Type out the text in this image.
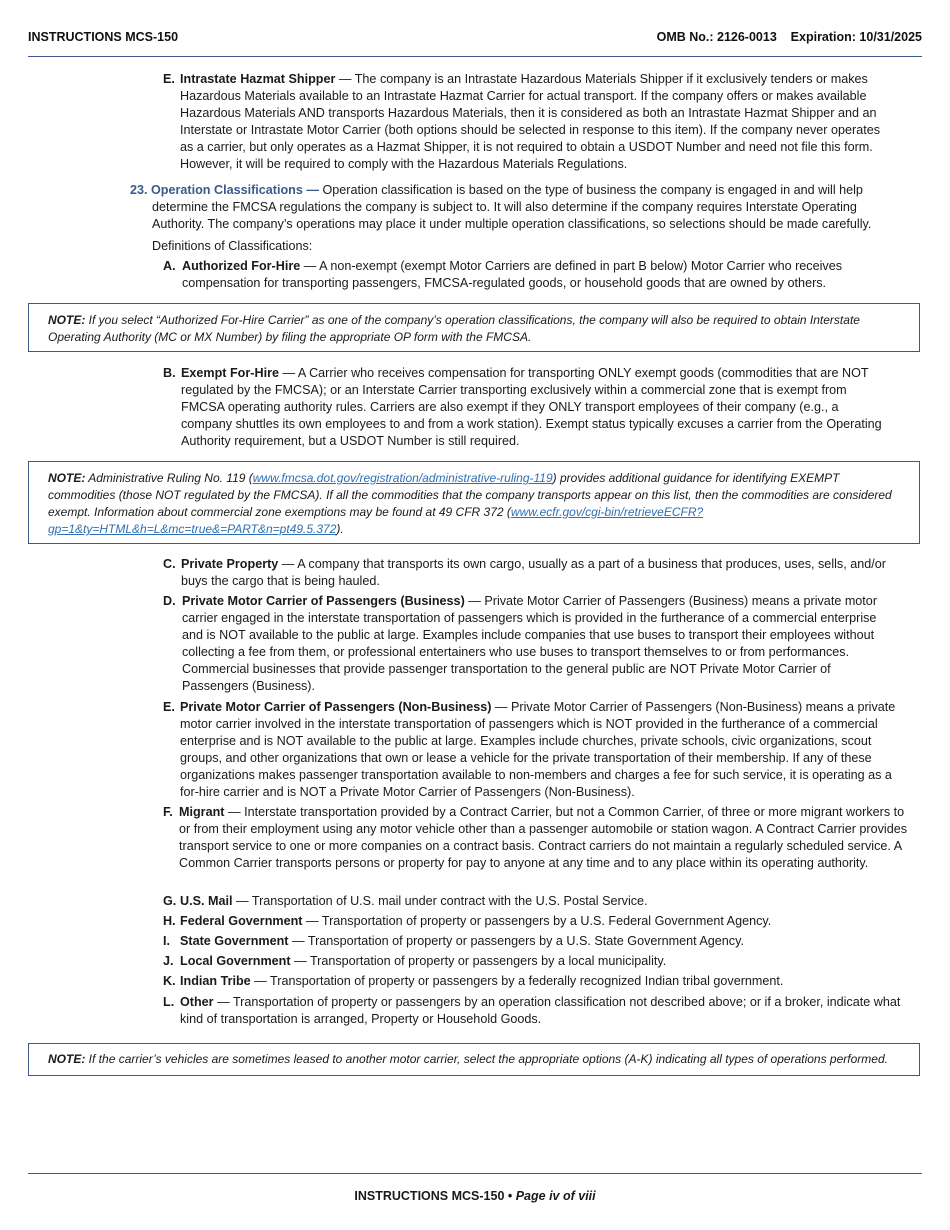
INSTRUCTIONS MCS-150	OMB No.: 2126-0013    Expiration: 10/31/2025
E. Intrastate Hazmat Shipper — The company is an Intrastate Hazardous Materials Shipper if it exclusively tenders or makes Hazardous Materials available to an Intrastate Hazmat Carrier for actual transport. If the company offers or makes available Hazardous Materials AND transports Hazardous Materials, then it is considered as both an Intrastate Hazmat Shipper and an Interstate or Intrastate Motor Carrier (both options should be selected in response to this item). If the company never operates as a carrier, but only operates as a Hazmat Shipper, it is not required to obtain a USDOT Number and need not file this form. However, it will be required to comply with the Hazardous Materials Regulations.
23. Operation Classifications — Operation classification is based on the type of business the company is engaged in and will help determine the FMCSA regulations the company is subject to. It will also determine if the company requires Interstate Operating Authority. The company’s operations may place it under multiple operation classifications, so selections should be made carefully.
Definitions of Classifications:
A. Authorized For-Hire — A non-exempt (exempt Motor Carriers are defined in part B below) Motor Carrier who receives compensation for transporting passengers, FMCSA-regulated goods, or household goods that are owned by others.
NOTE: If you select “Authorized For-Hire Carrier” as one of the company’s operation classifications, the company will also be required to obtain Interstate Operating Authority (MC or MX Number) by filing the appropriate OP form with the FMCSA.
B. Exempt For-Hire — A Carrier who receives compensation for transporting ONLY exempt goods (commodities that are NOT regulated by the FMCSA); or an Interstate Carrier transporting exclusively within a commercial zone that is exempt from FMCSA operating authority rules. Carriers are also exempt if they ONLY transport employees of their company (e.g., a company shuttles its own employees to and from a work station). Exempt status typically excuses a carrier from the Operating Authority requirement, but a USDOT Number is still required.
NOTE: Administrative Ruling No. 119 (www.fmcsa.dot.gov/registration/administrative-ruling-119) provides additional guidance for identifying EXEMPT commodities (those NOT regulated by the FMCSA). If all the commodities that the company transports appear on this list, then the commodities are considered exempt. Information about commercial zone exemptions may be found at 49 CFR 372 (www.ecfr.gov/cgi-bin/retrieveECFR?gp=1&ty=HTML&h=L&mc=true&=PART&n=pt49.5.372).
C. Private Property — A company that transports its own cargo, usually as a part of a business that produces, uses, sells, and/or buys the cargo that is being hauled.
D. Private Motor Carrier of Passengers (Business) — Private Motor Carrier of Passengers (Business) means a private motor carrier engaged in the interstate transportation of passengers which is provided in the furtherance of a commercial enterprise and is NOT available to the public at large. Examples include companies that use buses to transport their employees without collecting a fee from them, or professional entertainers who use buses to transport themselves to or from performances. Commercial businesses that provide passenger transportation to the general public are NOT Private Motor Carrier of Passengers (Business).
E. Private Motor Carrier of Passengers (Non-Business) — Private Motor Carrier of Passengers (Non-Business) means a private motor carrier involved in the interstate transportation of passengers which is NOT provided in the furtherance of a commercial enterprise and is NOT available to the public at large. Examples include churches, private schools, civic organizations, scout groups, and other organizations that own or lease a vehicle for the private transportation of their membership. If any of these organizations makes passenger transportation available to non-members and charges a fee for such service, it is operating as a for-hire carrier and is NOT a Private Motor Carrier of Passengers (Non-Business).
F. Migrant — Interstate transportation provided by a Contract Carrier, but not a Common Carrier, of three or more migrant workers to or from their employment using any motor vehicle other than a passenger automobile or station wagon. A Contract Carrier provides transport service to one or more companies on a contract basis. Contract carriers do not maintain a regularly scheduled service. A Common Carrier transports persons or property for pay to anyone at any time and to any place within its operating authority.
G. U.S. Mail — Transportation of U.S. mail under contract with the U.S. Postal Service.
H. Federal Government — Transportation of property or passengers by a U.S. Federal Government Agency.
I. State Government — Transportation of property or passengers by a U.S. State Government Agency.
J. Local Government — Transportation of property or passengers by a local municipality.
K. Indian Tribe — Transportation of property or passengers by a federally recognized Indian tribal government.
L. Other — Transportation of property or passengers by an operation classification not described above; or if a broker, indicate what kind of transportation is arranged, Property or Household Goods.
NOTE: If the carrier’s vehicles are sometimes leased to another motor carrier, select the appropriate options (A-K) indicating all types of operations performed.
INSTRUCTIONS MCS-150 • Page iv of viii
